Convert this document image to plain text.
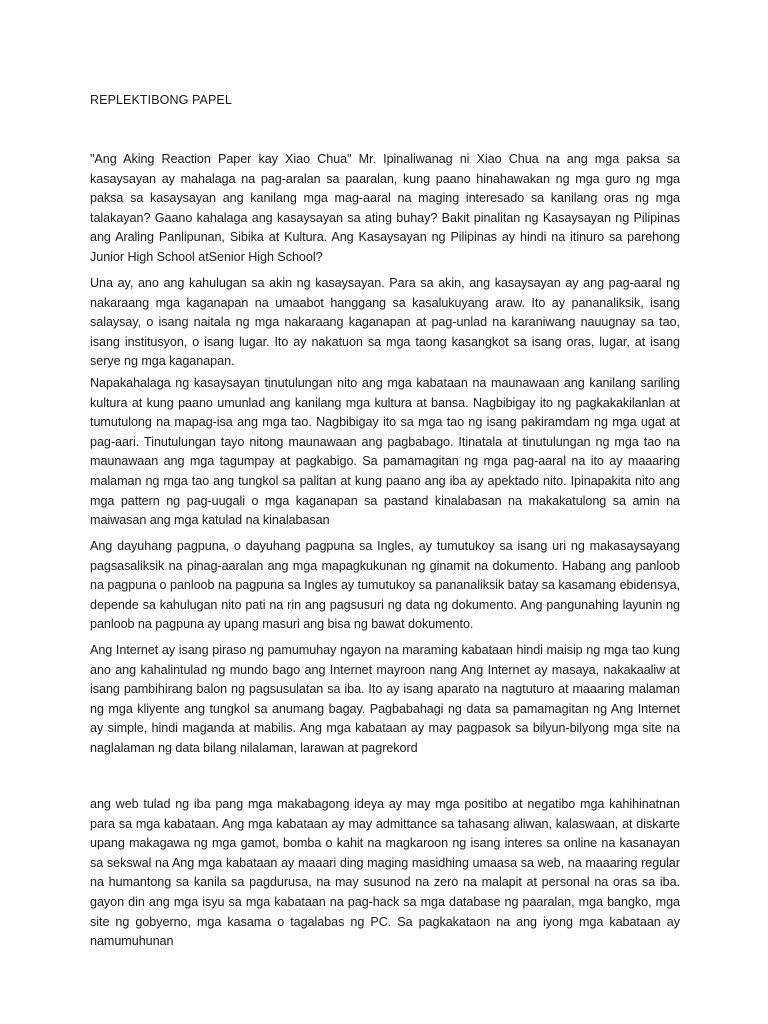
REPLEKTIBONG PAPEL

"Ang Aking Reaction Paper kay Xiao Chua" Mr. Ipinaliwanag ni Xiao Chua na ang mga paksa sa kasaysayan ay mahalaga na pag-aralan sa paaralan, kung paano hinahawakan ng mga guro ng mga paksa sa kasaysayan ang kanilang mga mag-aaral na maging interesado sa kanilang oras ng mga talakayan? Gaano kahalaga ang kasaysayan sa ating buhay? Bakit pinalitan ng Kasaysayan ng Pilipinas ang Araling Panlipunan, Sibika at Kultura. Ang Kasaysayan ng Pilipinas ay hindi na itinuro sa parehong Junior High School atSenior High School?

Una ay, ano ang kahulugan sa akin ng kasaysayan. Para sa akin, ang kasaysayan ay ang pag-aaral ng nakaraang mga kaganapan na umaabot hanggang sa kasalukuyang araw. Ito ay pananaliksik, isang salaysay, o isang naitala ng mga nakaraang kaganapan at pag-unlad na karaniwang nauugnay sa tao, isang institusyon, o isang lugar. Ito ay nakatuon sa mga taong kasangkot sa isang oras, lugar, at isang serye ng mga kaganapan.

Napakahalaga ng kasaysayan tinutulungan nito ang mga kabataan na maunawaan ang kanilang sariling kultura at kung paano umunlad ang kanilang mga kultura at bansa. Nagbibigay ito ng pagkakakilanlan at tumutulong na mapag-isa ang mga tao. Nagbibigay ito sa mga tao ng isang pakiramdam ng mga ugat at pag-aari. Tinutulungan tayo nitong maunawaan ang pagbabago. Itinatala at tinutulungan ng mga tao na maunawaan ang mga tagumpay at pagkabigo. Sa pamamagitan ng mga pag-aaral na ito ay maaaring malaman ng mga tao ang tungkol sa palitan at kung paano ang iba ay apektado nito. Ipinapakita nito ang mga pattern ng pag-uugali o mga kaganapan sa pastand kinalabasan na makakatulong sa amin na maiwasan ang mga katulad na kinalabasan

Ang dayuhang pagpuna, o dayuhang pagpuna sa Ingles, ay tumutukoy sa isang uri ng makasaysayang pagsasaliksik na pinag-aaralan ang mga mapagkukunan ng ginamit na dokumento. Habang ang panloob na pagpuna o panloob na pagpuna sa Ingles ay tumutukoy sa pananaliksik batay sa kasamang ebidensya, depende sa kahulugan nito pati na rin ang pagsusuri ng data ng dokumento. Ang pangunahing layunin ng panloob na pagpuna ay upang masuri ang bisa ng bawat dokumento.

Ang Internet ay isang piraso ng pamumuhay ngayon na maraming kabataan hindi maisip ng mga tao kung ano ang kahalintulad ng mundo bago ang Internet mayroon nang Ang Internet ay masaya, nakakaaliw at isang pambihirang balon ng pagsusulatan sa iba. Ito ay isang aparato na nagtuturo at maaaring malaman ng mga kliyente ang tungkol sa anumang bagay. Pagbabahagi ng data sa pamamagitan ng Ang Internet ay simple, hindi maganda at mabilis. Ang mga kabataan ay may pagpasok sa bilyun-bilyong mga site na naglalaman ng data bilang nilalaman, larawan at pagrekord

ang web tulad ng iba pang mga makabagong ideya ay may mga positibo at negatibo mga kahihinatnan para sa mga kabataan. Ang mga kabataan ay may admittance sa tahasang aliwan, kalaswaan, at diskarte upang makagawa ng mga gamot, bomba o kahit na magkaroon ng isang interes sa online na kasanayan sa sekswal na Ang mga kabataan ay maaari ding maging masidhing umaasa sa web, na maaaring regular na humantong sa kanila sa pagdurusa, na may susunod na zero na malapit at personal na oras sa iba. gayon din ang mga isyu sa mga kabataan na pag-hack sa mga database ng paaralan, mga bangko, mga site ng gobyerno, mga kasama o tagalabas ng PC. Sa pagkakataon na ang iyong mga kabataan ay namumuhunan
